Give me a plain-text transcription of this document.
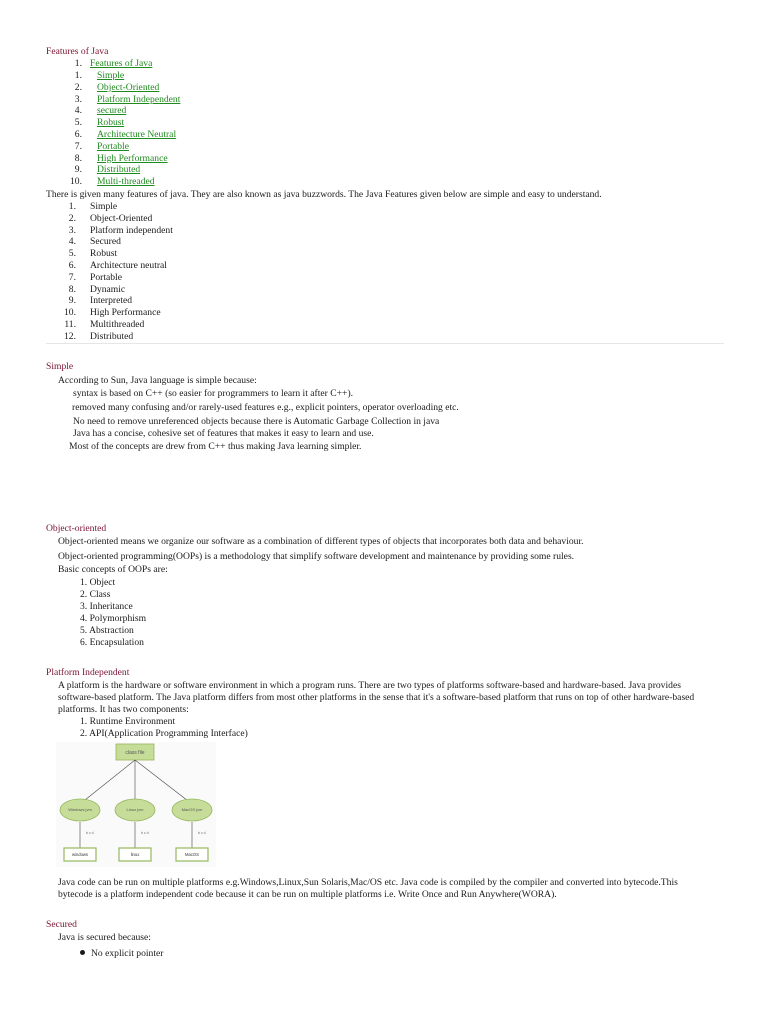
Features of Java
1. Features of Java
1. Simple
2. Object-Oriented
3. Platform Independent
4. secured
5. Robust
6. Architecture Neutral
7. Portable
8. High Performance
9. Distributed
10. Multi-threaded
There is given many features of java. They are also known as java buzzwords. The Java Features given below are simple and easy to understand.
1. Simple
2. Object-Oriented
3. Platform independent
4. Secured
5. Robust
6. Architecture neutral
7. Portable
8. Dynamic
9. Interpreted
10. High Performance
11. Multithreaded
12. Distributed
Simple
According to Sun, Java language is simple because:
syntax is based on C++ (so easier for programmers to learn it after C++).
removed many confusing and/or rarely-used features e.g., explicit pointers, operator overloading etc.
No need to remove unreferenced objects because there is Automatic Garbage Collection in java
Java has a concise, cohesive set of features that makes it easy to learn and use.
Most of the concepts are drew from C++ thus making Java learning simpler.
Object-oriented
Object-oriented means we organize our software as a combination of different types of objects that incorporates both data and behaviour.
Object-oriented programming(OOPs) is a methodology that simplify software development and maintenance by providing some rules.
Basic concepts of OOPs are:
1. Object
2. Class
3. Inheritance
4. Polymorphism
5. Abstraction
6. Encapsulation
Platform Independent
A platform is the hardware or software environment in which a program runs. There are two types of platforms software-based and hardware-based. Java provides
software-based platform. The Java platform differs from most other platforms in the sense that it's a software-based platform that runs on top of other hardware-based
platforms. It has two components:
1. Runtime Environment
2. API(Application Programming Interface)
class file
Windows jvm	Linux jvm	MacOS jvm
b c d	b c d	b c d
windows	linux	MacOS
Java code can be run on multiple platforms e.g.Windows,Linux,Sun Solaris,Mac/OS etc. Java code is compiled by the compiler and converted into bytecode.This
bytecode is a platform independent code because it can be run on multiple platforms i.e. Write Once and Run Anywhere(WORA).
Secured
Java is secured because:
No explicit pointer
